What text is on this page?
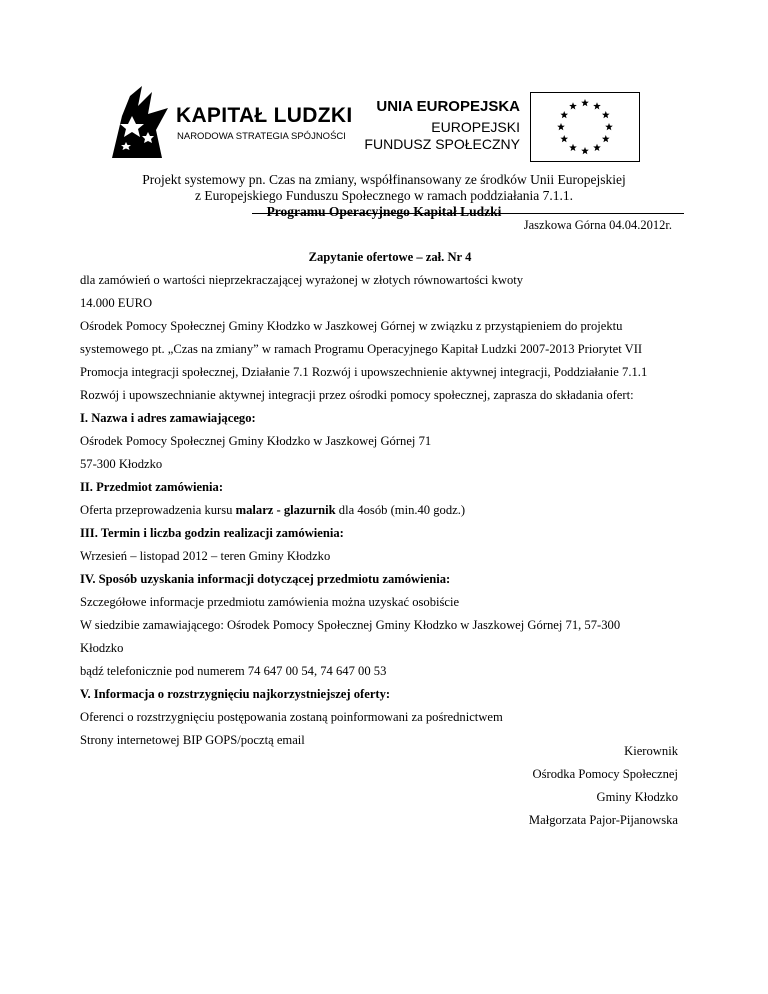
KAPITAŁ LUDZKI
NARODOWA STRATEGIA SPÓJNOŚCI
UNIA EUROPEJSKA
EUROPEJSKI
FUNDUSZ SPOŁECZNY
Projekt systemowy pn. Czas na zmiany, współfinansowany ze środków Unii Europejskiej
z Europejskiego Funduszu Społecznego w ramach poddziałania 7.1.1.
Programu Operacyjnego Kapitał Ludzki
Jaszkowa Górna 04.04.2012r.
Zapytanie ofertowe – zał. Nr 4
dla zamówień o wartości nieprzekraczającej wyrażonej w złotych równowartości kwoty
14.000 EURO
Ośrodek Pomocy Społecznej Gminy Kłodzko w Jaszkowej Górnej w związku z przystąpieniem do projektu
systemowego pt. „Czas na zmiany” w ramach Programu Operacyjnego Kapitał Ludzki 2007-2013 Priorytet VII
Promocja integracji społecznej, Działanie 7.1 Rozwój i upowszechnienie aktywnej integracji, Poddziałanie 7.1.1
Rozwój i upowszechnianie aktywnej integracji przez ośrodki pomocy społecznej, zaprasza do składania ofert:
I. Nazwa i adres zamawiającego:
Ośrodek Pomocy Społecznej Gminy Kłodzko w Jaszkowej Górnej 71
57-300 Kłodzko
II. Przedmiot zamówienia:
Oferta przeprowadzenia kursu malarz - glazurnik dla 4osób (min.40 godz.)
III. Termin i liczba godzin realizacji zamówienia:
Wrzesień – listopad 2012 – teren Gminy Kłodzko
IV. Sposób uzyskania informacji dotyczącej przedmiotu zamówienia:
Szczegółowe informacje przedmiotu zamówienia można uzyskać osobiście
W siedzibie zamawiającego: Ośrodek Pomocy Społecznej Gminy Kłodzko w Jaszkowej Górnej 71, 57-300
Kłodzko
bądź telefonicznie pod numerem 74 647 00 54, 74 647 00 53
V. Informacja o rozstrzygnięciu najkorzystniejszej oferty:
Oferenci o rozstrzygnięciu postępowania zostaną poinformowani za pośrednictwem
Strony internetowej BIP GOPS/pocztą email
Kierownik
Ośrodka Pomocy Społecznej
Gminy Kłodzko
Małgorzata Pajor-Pijanowska
